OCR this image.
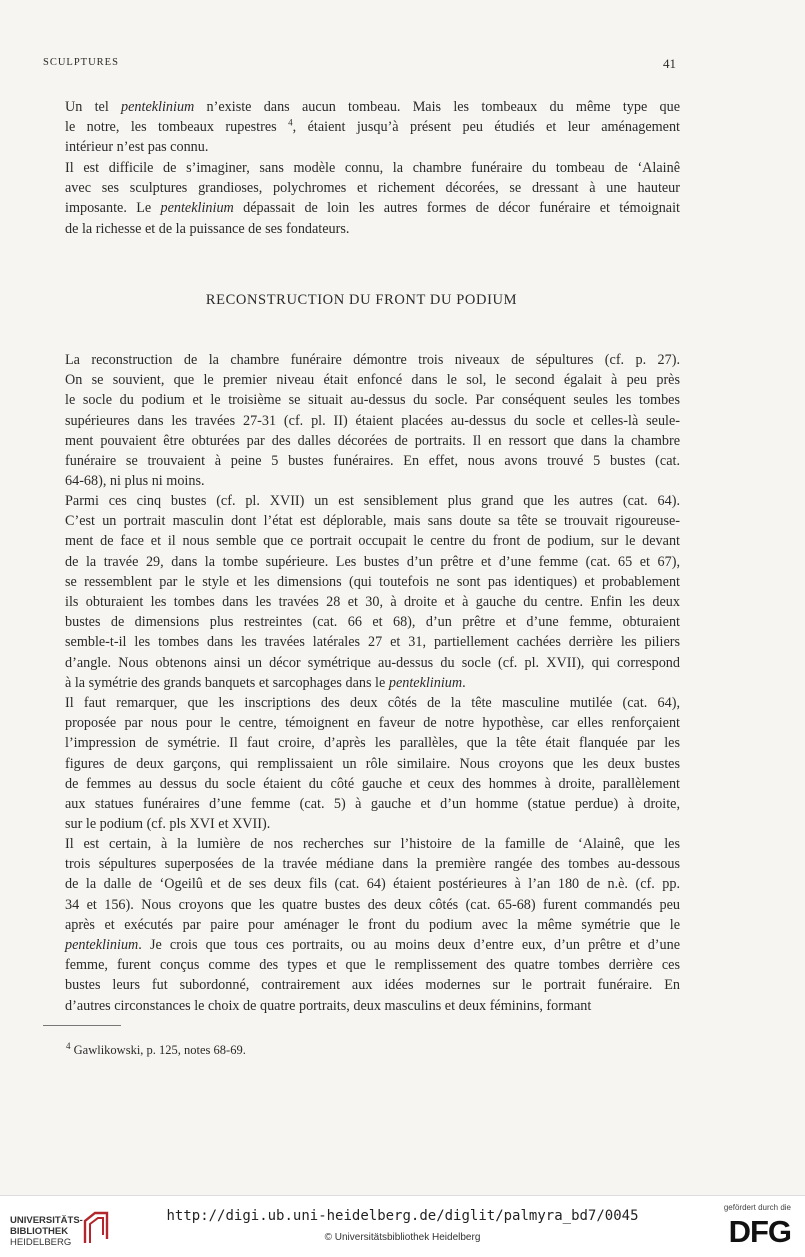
SCULPTURES	41

Un tel penteklinium n’existe dans aucun tombeau. Mais les tombeaux du même type que
le notre, les tombeaux rupestres $^4$, étaient jusqu’à présent peu étudiés et leur aménagement
intérieur n’est pas connu.

Il est difficile de s’imaginer, sans modèle connu, la chambre funéraire du tombeau de ‘Alainê
avec ses sculptures grandioses, polychromes et richement décorées, se dressant à une hauteur
imposante. Le penteklinium dépassait de loin les autres formes de décor funéraire et témoignait
de la richesse et de la puissance de ses fondateurs.

RECONSTRUCTION DU FRONT DU PODIUM

La reconstruction de la chambre funéraire démontre trois niveaux de sépultures (cf. p. 27).
On se souvient, que le premier niveau était enfoncé dans le sol, le second égalait à peu près
le socle du podium et le troisième se situait au-dessus du socle. Par conséquent seules les tombes
supérieures dans les travées 27-31 (cf. pl. II) étaient placées au-dessus du socle et celles-là seule-
ment pouvaient être obturées par des dalles décorées de portraits. Il en ressort que dans la chambre
funéraire se trouvaient à peine 5 bustes funéraires. En effet, nous avons trouvé 5 bustes (cat.
64-68), ni plus ni moins.

Parmi ces cinq bustes (cf. pl. XVII) un est sensiblement plus grand que les autres (cat. 64).
C’est un portrait masculin dont l’état est déplorable, mais sans doute sa tête se trouvait rigoureuse-
ment de face et il nous semble que ce portrait occupait le centre du front de podium, sur le devant
de la travée 29, dans la tombe supérieure. Les bustes d’un prêtre et d’une femme (cat. 65 et 67),
se ressemblent par le style et les dimensions (qui toutefois ne sont pas identiques) et probablement
ils obturaient les tombes dans les travées 28 et 30, à droite et à gauche du centre. Enfin les deux
bustes de dimensions plus restreintes (cat. 66 et 68), d’un prêtre et d’une femme, obturaient
semble-t-il les tombes dans les travées latérales 27 et 31, partiellement cachées derrière les piliers
d’angle. Nous obtenons ainsi un décor symétrique au-dessus du socle (cf. pl. XVII), qui correspond
à la symétrie des grands banquets et sarcophages dans le penteklinium.

Il faut remarquer, que les inscriptions des deux côtés de la tête masculine mutilée (cat. 64),
proposée par nous pour le centre, témoignent en faveur de notre hypothèse, car elles renforçaient
l’impression de symétrie. Il faut croire, d’après les parallèles, que la tête était flanquée par les
figures de deux garçons, qui remplissaient un rôle similaire. Nous croyons que les deux bustes
de femmes au dessus du socle étaient du côté gauche et ceux des hommes à droite, parallèlement
aux statues funéraires d’une femme (cat. 5) à gauche et d’un homme (statue perdue) à droite,
sur le podium (cf. pls XVI et XVII).

Il est certain, à la lumière de nos recherches sur l’histoire de la famille de ‘Alainê, que les
trois sépultures superposées de la travée médiane dans la première rangée des tombes au-dessous
de la dalle de ‘Ogeilû et de ses deux fils (cat. 64) étaient postérieures à l’an 180 de n.è. (cf. pp.
34 et 156). Nous croyons que les quatre bustes des deux côtés (cat. 65-68) furent commandés peu
après et exécutés par paire pour aménager le front du podium avec la même symétrie que le
penteklinium. Je crois que tous ces portraits, ou au moins deux d’entre eux, d’un prêtre et d’une
femme, furent conçus comme des types et que le remplissement des quatre tombes derrière ces
bustes leurs fut subordonné, contrairement aux idées modernes sur le portrait funéraire. En
d’autres circonstances le choix de quatre portraits, deux masculins et deux féminins, formant

$^4$ Gawlikowski, p. 125, notes 68-69.
UNIVERSITÄTS-
BIBLIOTHEK
HEIDELBERG
http://digi.ub.uni-heidelberg.de/diglit/palmyra_bd7/0045
© Universitätsbibliothek Heidelberg
gefördert durch die
DFG
